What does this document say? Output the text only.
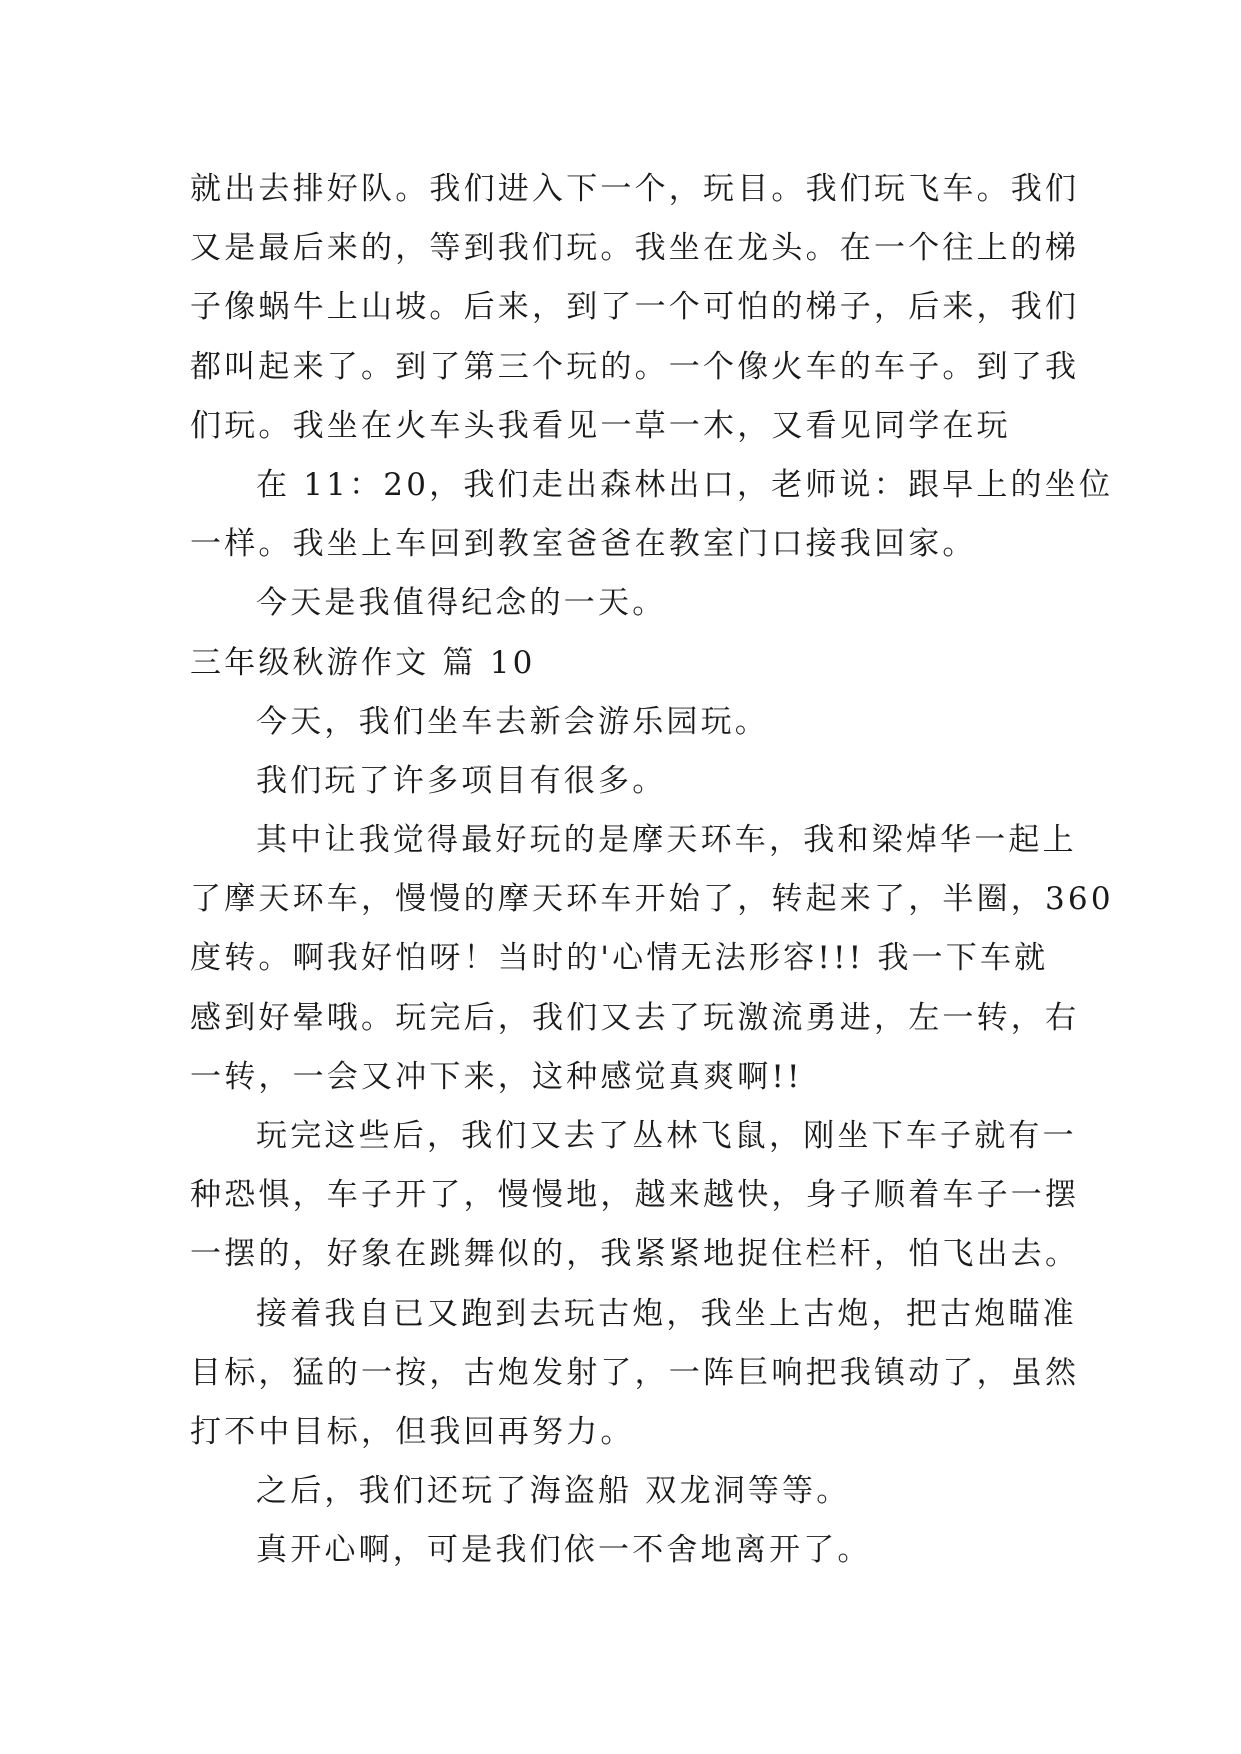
就出去排好队。我们进入下一个，玩目。我们玩飞车。我们
又是最后来的，等到我们玩。我坐在龙头。在一个往上的梯
子像蜗牛上山坡。后来，到了一个可怕的梯子，后来，我们
都叫起来了。到了第三个玩的。一个像火车的车子。到了我
们玩。我坐在火车头我看见一草一木，又看见同学在玩
在 11：20，我们走出森林出口，老师说：跟早上的坐位
一样。我坐上车回到教室爸爸在教室门口接我回家。
今天是我值得纪念的一天。
三年级秋游作文 篇 10
今天，我们坐车去新会游乐园玩。
我们玩了许多项目有很多。
其中让我觉得最好玩的是摩天环车，我和梁焯华一起上
了摩天环车，慢慢的摩天环车开始了，转起来了，半圈，360
度转。啊我好怕呀！当时的'心情无法形容!!! 我一下车就
感到好晕哦。玩完后，我们又去了玩激流勇进，左一转，右
一转，一会又冲下来，这种感觉真爽啊!!
玩完这些后，我们又去了丛林飞鼠，刚坐下车子就有一
种恐惧，车子开了，慢慢地，越来越快，身子顺着车子一摆
一摆的，好象在跳舞似的，我紧紧地捉住栏杆，怕飞出去。
接着我自已又跑到去玩古炮，我坐上古炮，把古炮瞄准
目标，猛的一按，古炮发射了，一阵巨响把我镇动了，虽然
打不中目标，但我回再努力。
之后，我们还玩了海盗船 双龙洞等等。
真开心啊，可是我们依一不舍地离开了。
